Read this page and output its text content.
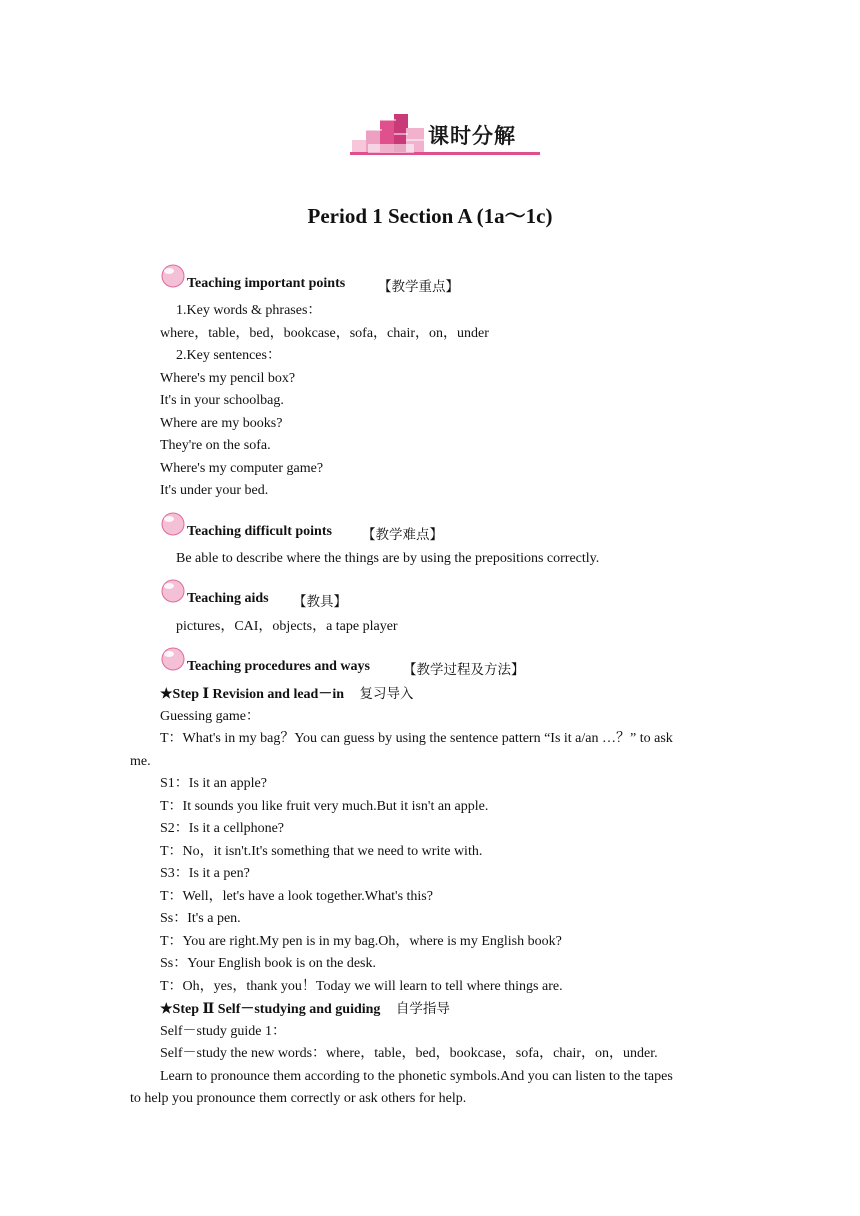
课时分解
Period 1 Section A (1a～1c)
Teaching important points 【教学重点】
1.Key words & phrases：
where，table，bed，bookcase，sofa，chair，on，under
2.Key sentences：
Where's my pencil box?
It's in your schoolbag.
Where are my books?
They're on the sofa.
Where's my computer game?
It's under your bed.
Teaching difficult points 【教学难点】
Be able to describe where the things are by using the prepositions correctly.
Teaching aids 【教具】
pictures，CAI，objects，a tape player
Teaching procedures and ways 【教学过程及方法】
★Step Ⅰ Revision and lead－in 复习导入
Guessing game：
T：What's in my bag？You can guess by using the sentence pattern “Is it a/an …？” to ask
me.
S1：Is it an apple?
T：It sounds you like fruit very much.But it isn't an apple.
S2：Is it a cellphone?
T：No，it isn't.It's something that we need to write with.
S3：Is it a pen?
T：Well，let's have a look together.What's this?
Ss：It's a pen.
T：You are right.My pen is in my bag.Oh，where is my English book?
Ss：Your English book is on the desk.
T：Oh，yes，thank you！Today we will learn to tell where things are.
★Step Ⅱ Self－studying and guiding 自学指导
Self－study guide 1：
Self－study the new words：where，table，bed，bookcase，sofa，chair，on，under.
Learn to pronounce them according to the phonetic symbols.And you can listen to the tapes
to help you pronounce them correctly or ask others for help.
